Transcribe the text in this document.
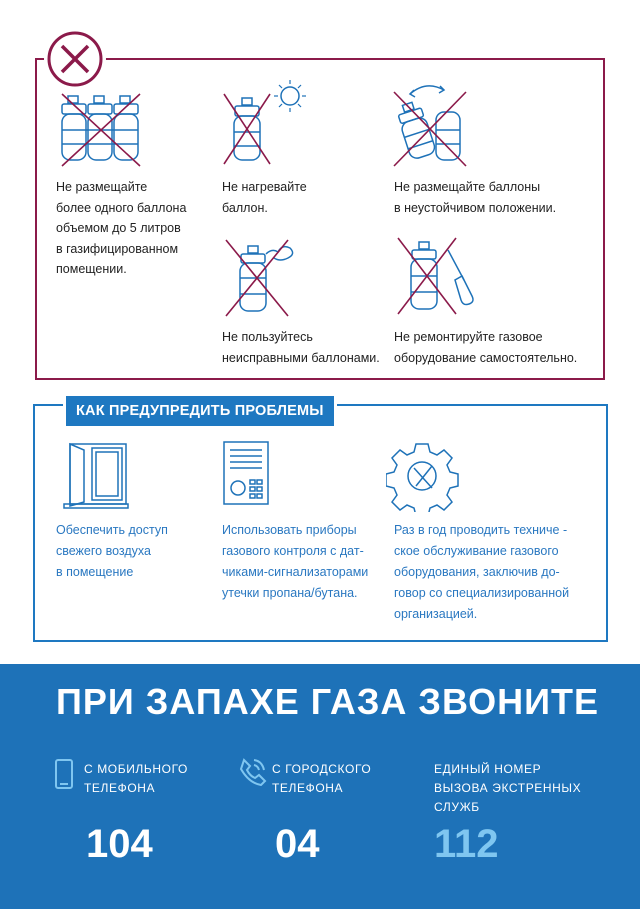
Не размещайте
более одного баллона
объемом до 5 литров
в газифицированном
помещении.
Не нагревайте
баллон.
Не размещайте баллоны
в неустойчивом положении.
Не пользуйтесь
неисправными баллонами.
Не ремонтируйте газовое
оборудование самостоятельно.
КАК ПРЕДУПРЕДИТЬ ПРОБЛЕМЫ
Обеспечить доступ
свежего воздуха
в помещение
Использовать приборы
газового контроля с дат-
чиками-сигнализаторами
утечки пропана/бутана.
Раз в год проводить техниче -
ское обслуживание газового
оборудования, заключив до-
говор со специализированной
организацией.
ПРИ ЗАПАХЕ ГАЗА ЗВОНИТЕ
С МОБИЛЬНОГО
ТЕЛЕФОНА
104
С ГОРОДСКОГО
ТЕЛЕФОНА
04
ЕДИНЫЙ НОМЕР
ВЫЗОВА ЭКСТРЕННЫХ
СЛУЖБ
112
